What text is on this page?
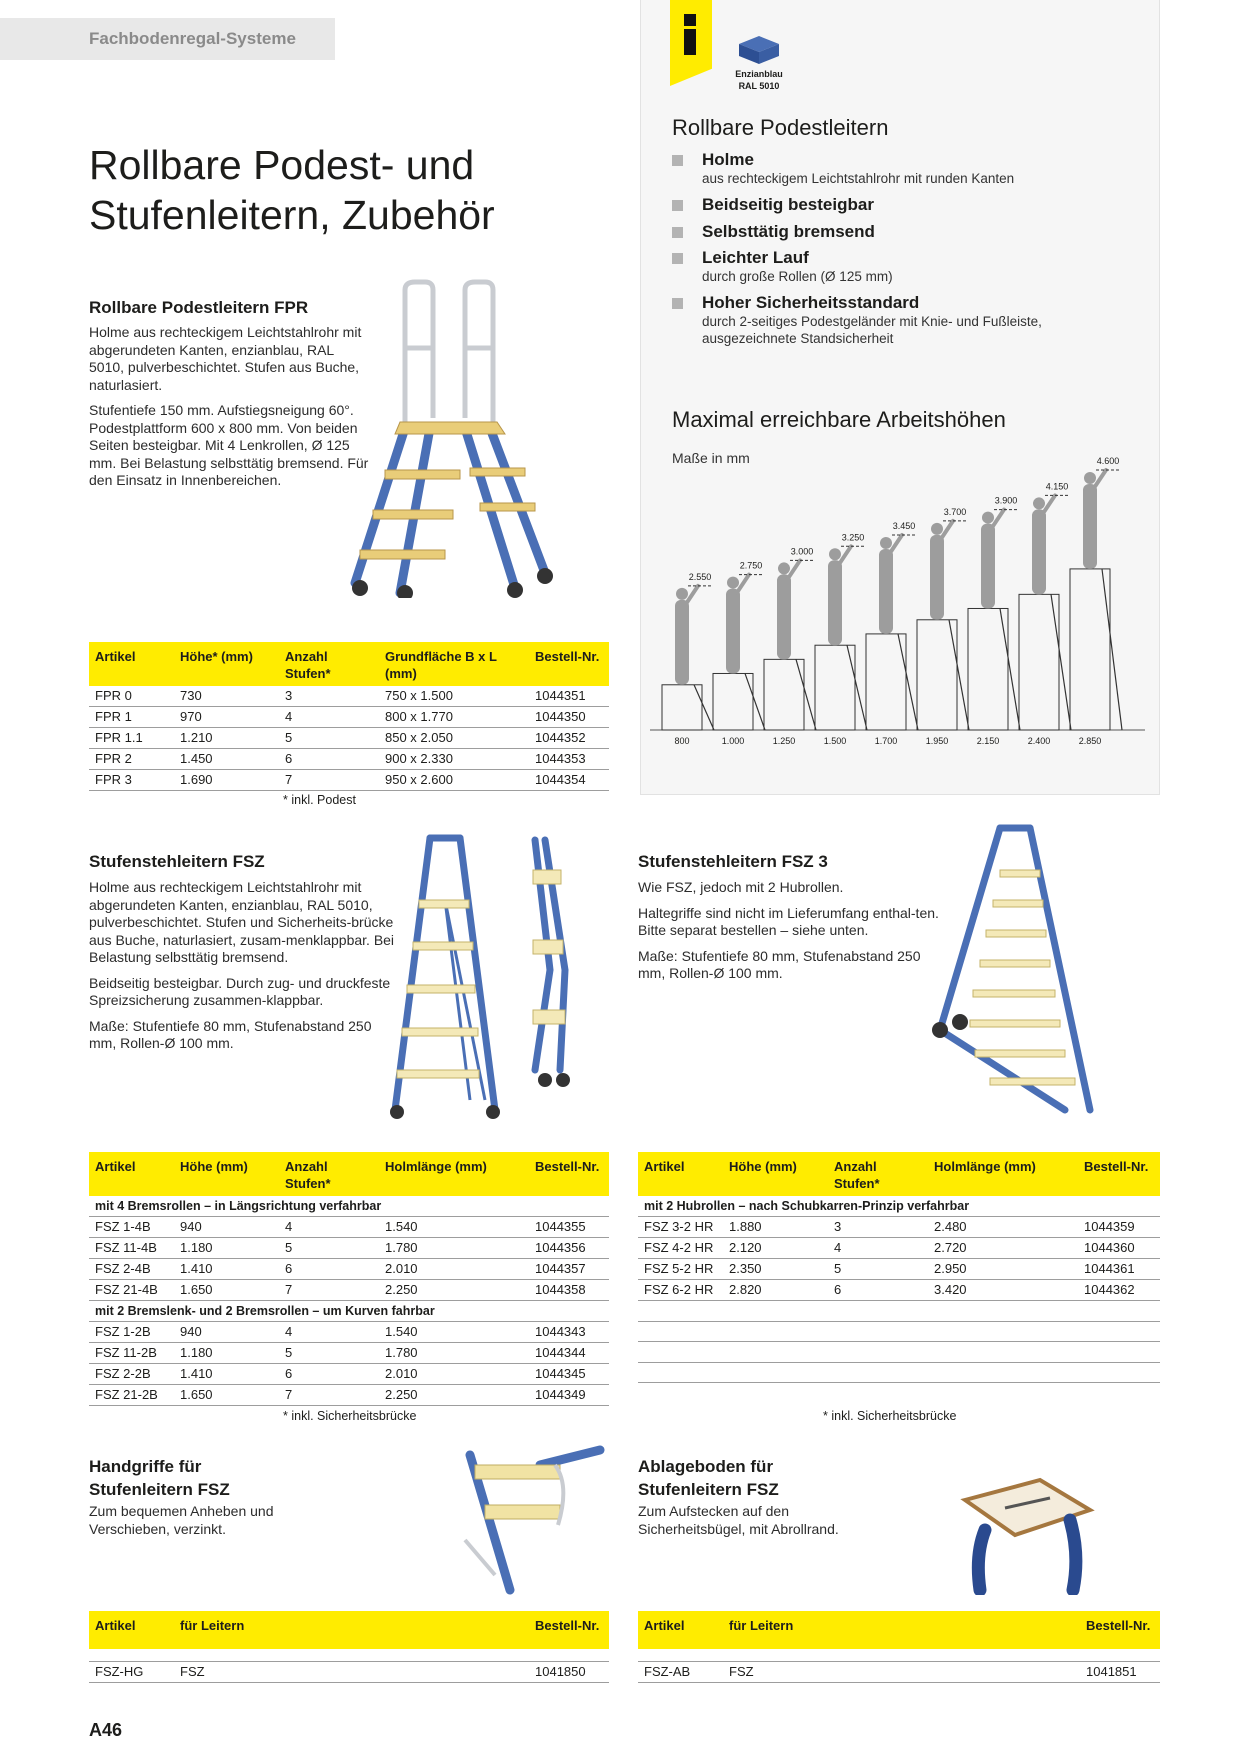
Fachbodenregal-Systeme
Rollbare Podest- und
Stufenleitern, Zubehör
Rollbare Podestleitern FPR

Holme aus rechteckigem Leichtstahlrohr mit abgerundeten Kanten, enzianblau, RAL 5010, pulverbeschichtet. Stufen aus Buche, naturlasiert.

Stufentiefe 150 mm. Aufstiegsneigung 60°. Podestplattform 600 x 800 mm. Von beiden Seiten besteigbar. Mit 4 Lenkrollen, Ø 125 mm. Bei Belastung selbsttätig bremsend. Für den Einsatz in Innenbereichen.

Artikel	Höhe* (mm)	Anzahl Stufen*	Grundfläche B x L (mm)	Bestell-Nr.
FPR 0	730	3	750 x 1.500	1044351
FPR 1	970	4	800 x 1.770	1044350
FPR 1.1	1.210	5	850 x 2.050	1044352
FPR 2	1.450	6	900 x 2.330	1044353
FPR 3	1.690	7	950 x 2.600	1044354
* inkl. Podest
Enzianblau
RAL 5010
Rollbare Podestleitern
Holme
aus rechteckigem Leichtstahlrohr mit runden Kanten
Beidseitig besteigbar
Selbsttätig bremsend
Leichter Lauf
durch große Rollen (Ø 125 mm)
Hoher Sicherheitsstandard
durch 2-seitiges Podestgeländer mit Knie- und Fußleiste, ausgezeichnete Standsicherheit
Maximal erreichbare Arbeitshöhen
Maße in mm
2.550
800
2.750
1.000
3.000
1.250
3.250
1.500
3.450
1.700
3.700
1.950
3.900
2.150
4.150
2.400
4.600
2.850
Stufenstehleitern FSZ

Holme aus rechteckigem Leichtstahlrohr mit abgerundeten Kanten, enzianblau, RAL 5010, pulverbeschichtet. Stufen und Sicherheits-brücke aus Buche, naturlasiert, zusam-menklappbar. Bei Belastung selbsttätig bremsend.

Beidseitig besteigbar. Durch zug- und druckfeste Spreizsicherung zusammen-klappbar.

Maße: Stufentiefe 80 mm, Stufenabstand 250 mm, Rollen-Ø 100 mm.

Stufenstehleitern FSZ 3

Wie FSZ, jedoch mit 2 Hubrollen.

Haltegriffe sind nicht im Lieferumfang enthal-ten. Bitte separat bestellen – siehe unten.

Maße: Stufentiefe 80 mm, Stufenabstand 250 mm, Rollen-Ø 100 mm.

Artikel	Höhe (mm)	Anzahl Stufen*	Holmlänge (mm)	Bestell-Nr.
mit 4 Bremsrollen – in Längsrichtung verfahrbar				
FSZ 1-4B	940	4	1.540	1044355
FSZ 11-4B	1.180	5	1.780	1044356
FSZ 2-4B	1.410	6	2.010	1044357
FSZ 21-4B	1.650	7	2.250	1044358
mit 2 Bremslenk- und 2 Bremsrollen – um Kurven fahrbar				
FSZ 1-2B	940	4	1.540	1044343
FSZ 11-2B	1.180	5	1.780	1044344
FSZ 2-2B	1.410	6	2.010	1044345
FSZ 21-2B	1.650	7	2.250	1044349
* inkl. Sicherheitsbrücke
Artikel	Höhe (mm)	Anzahl Stufen*	Holmlänge (mm)	Bestell-Nr.
mit 2 Hubrollen – nach Schubkarren-Prinzip verfahrbar				
FSZ 3-2 HR	1.880	3	2.480	1044359
FSZ 4-2 HR	2.120	4	2.720	1044360
FSZ 5-2 HR	2.350	5	2.950	1044361
FSZ 6-2 HR	2.820	6	3.420	1044362

* inkl. Sicherheitsbrücke
Handgriffe für
Stufenleitern FSZ

Zum bequemen Anheben und Verschieben, verzinkt.

Artikel	für Leitern	Bestell-Nr.

FSZ-HG	FSZ	1041850
Ablageboden für
Stufenleitern FSZ

Zum Aufstecken auf den Sicherheitsbügel, mit Abrollrand.

Artikel	für Leitern	Bestell-Nr.

FSZ-AB	FSZ	1041851
A46
